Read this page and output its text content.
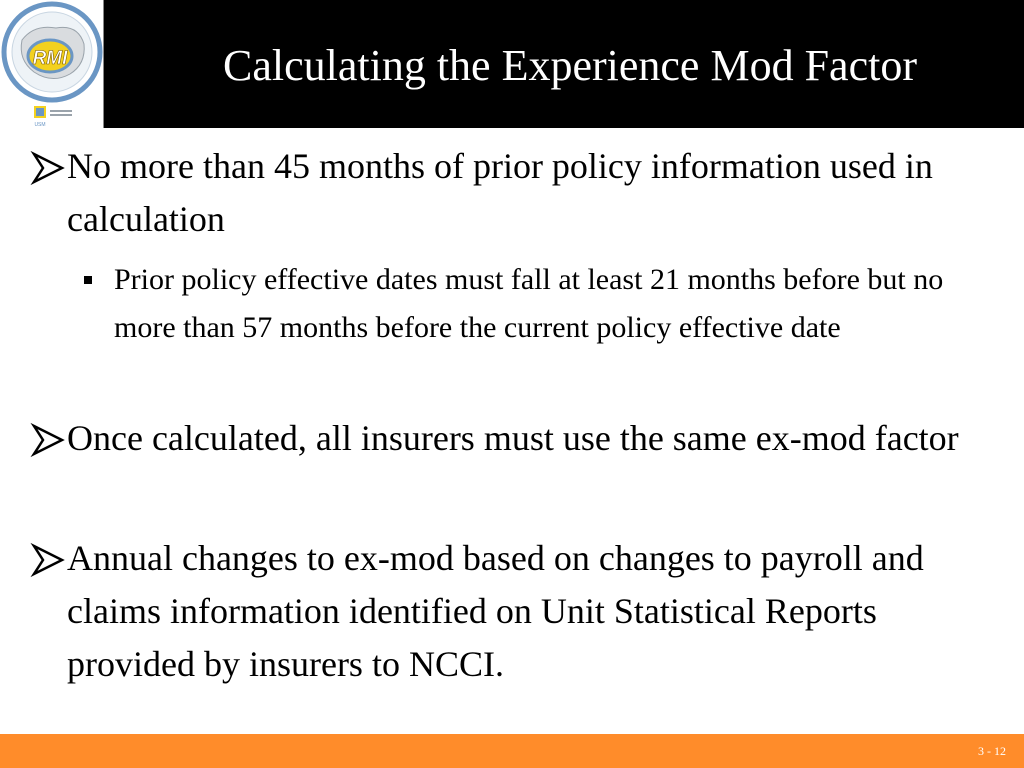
RMI
USM
Calculating the Experience Mod Factor
No more than 45 months of prior policy information used in calculation
Prior policy effective dates must fall at least 21 months before but no more than 57 months before the current policy effective date
Once calculated, all insurers must use the same ex-mod factor
Annual changes to ex-mod based on changes to payroll and claims information identified on Unit Statistical Reports provided by insurers to NCCI.
3 - 12
